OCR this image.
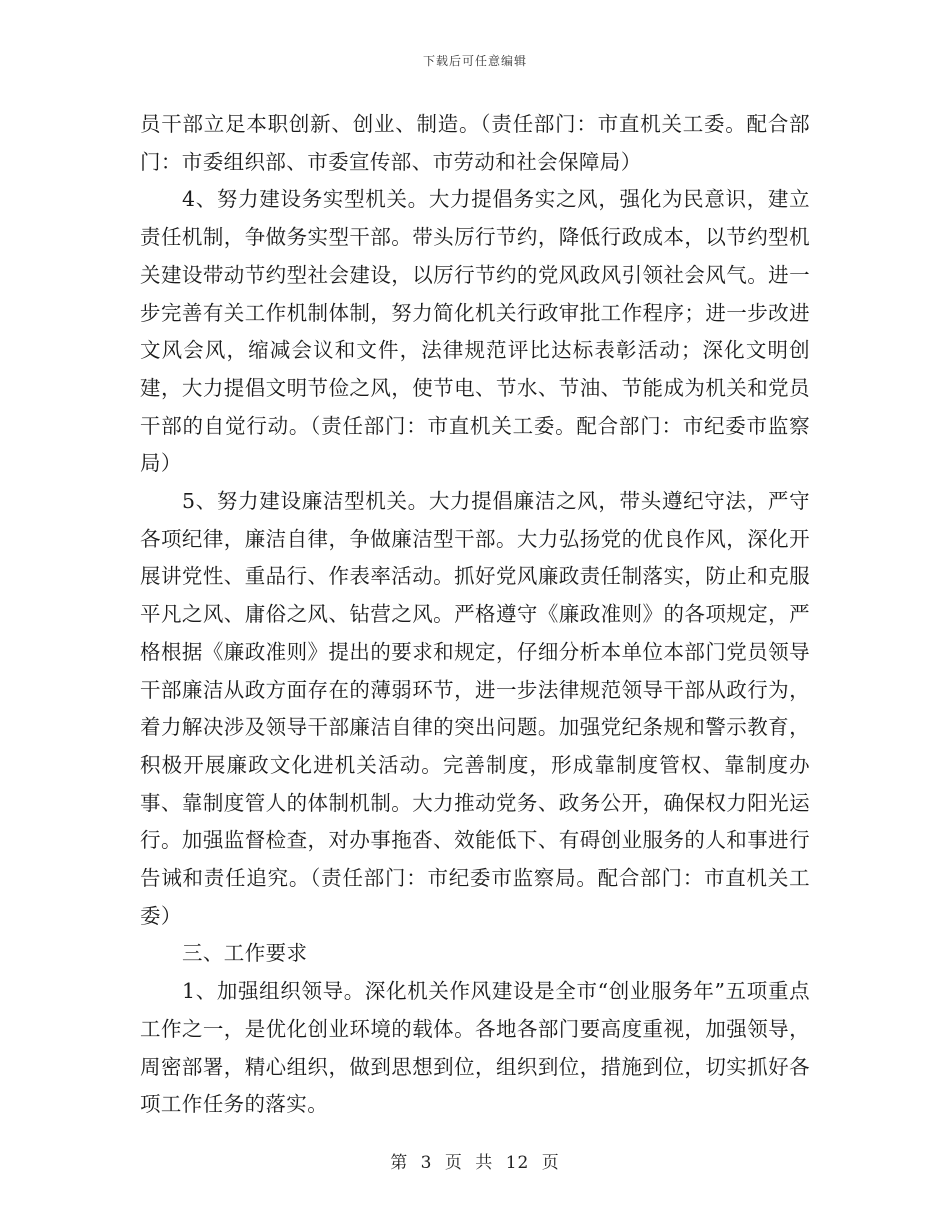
下载后可任意编辑

员干部立足本职创新、创业、制造。（责任部门：市直机关工委。配合部门：市委组织部、市委宣传部、市劳动和社会保障局）

4、努力建设务实型机关。大力提倡务实之风，强化为民意识，建立责任机制，争做务实型干部。带头厉行节约，降低行政成本，以节约型机关建设带动节约型社会建设，以厉行节约的党风政风引领社会风气。进一步完善有关工作机制体制，努力简化机关行政审批工作程序；进一步改进文风会风，缩减会议和文件，法律规范评比达标表彰活动；深化文明创建，大力提倡文明节俭之风，使节电、节水、节油、节能成为机关和党员干部的自觉行动。（责任部门：市直机关工委。配合部门：市纪委市监察局）

5、努力建设廉洁型机关。大力提倡廉洁之风，带头遵纪守法，严守各项纪律，廉洁自律，争做廉洁型干部。大力弘扬党的优良作风，深化开展讲党性、重品行、作表率活动。抓好党风廉政责任制落实，防止和克服平凡之风、庸俗之风、钻营之风。严格遵守《廉政准则》的各项规定，严格根据《廉政准则》提出的要求和规定，仔细分析本单位本部门党员领导干部廉洁从政方面存在的薄弱环节，进一步法律规范领导干部从政行为，着力解决涉及领导干部廉洁自律的突出问题。加强党纪条规和警示教育，积极开展廉政文化进机关活动。完善制度，形成靠制度管权、靠制度办事、靠制度管人的体制机制。大力推动党务、政务公开，确保权力阳光运行。加强监督检查，对办事拖沓、效能低下、有碍创业服务的人和事进行告诫和责任追究。（责任部门：市纪委市监察局。配合部门：市直机关工委）

三、工作要求

1、加强组织领导。深化机关作风建设是全市“创业服务年”五项重点工作之一，是优化创业环境的载体。各地各部门要高度重视，加强领导，周密部署，精心组织，做到思想到位，组织到位，措施到位，切实抓好各项工作任务的落实。

第 3 页 共 12 页
